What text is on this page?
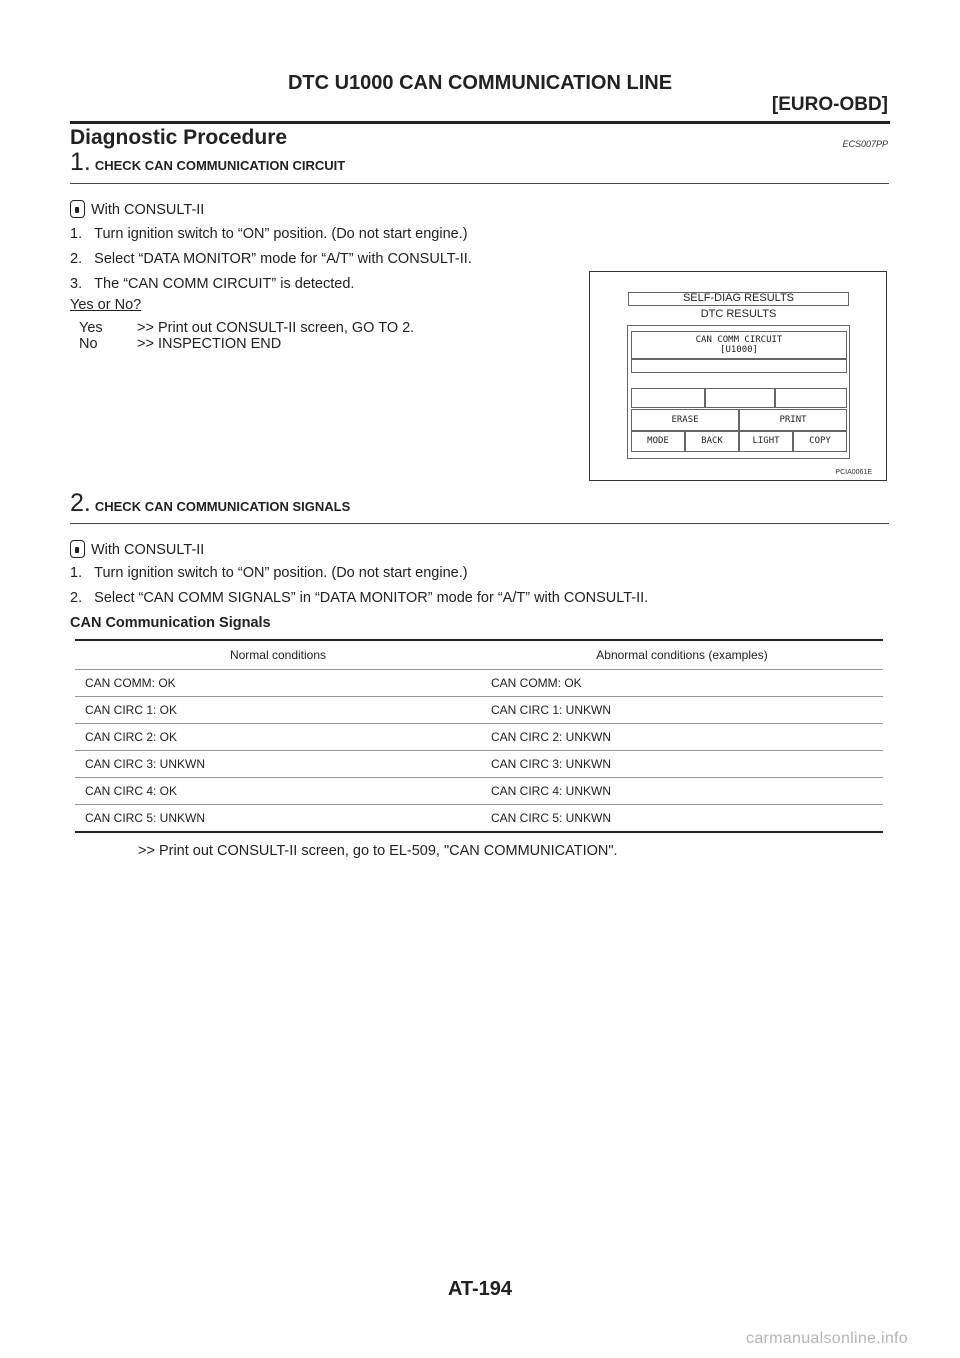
DTC U1000 CAN COMMUNICATION LINE
[EURO-OBD]
Diagnostic Procedure	ECS007PP
1. CHECK CAN COMMUNICATION CIRCUIT
With CONSULT-II
1.   Turn ignition switch to “ON” position. (Do not start engine.)
2.   Select “DATA MONITOR” mode for “A/T” with CONSULT-II.
3.   The “CAN COMM CIRCUIT” is detected.
Yes or No?
Yes >> Print out CONSULT-II screen, GO TO 2.
No	>> INSPECTION END
SELF-DIAG RESULTS
DTC RESULTS
CAN COMM CIRCUIT
[U1000]
ERASE	PRINT
MODE	BACK	LIGHT	COPY
PCIA0061E
2. CHECK CAN COMMUNICATION SIGNALS
With CONSULT-II
1.   Turn ignition switch to “ON” position. (Do not start engine.)
2.   Select “CAN COMM SIGNALS” in “DATA MONITOR” mode for “A/T” with CONSULT-II.
CAN Communication Signals
Normal conditions	Abnormal conditions (examples)
CAN COMM: OK	CAN COMM: OK
CAN CIRC 1: OK	CAN CIRC 1: UNKWN
CAN CIRC 2: OK	CAN CIRC 2: UNKWN
CAN CIRC 3: UNKWN	CAN CIRC 3: UNKWN
CAN CIRC 4: OK	CAN CIRC 4: UNKWN
CAN CIRC 5: UNKWN	CAN CIRC 5: UNKWN
>> Print out CONSULT-II screen, go to EL-509, "CAN COMMUNICATION".
AT-194
carmanualsonline.info
